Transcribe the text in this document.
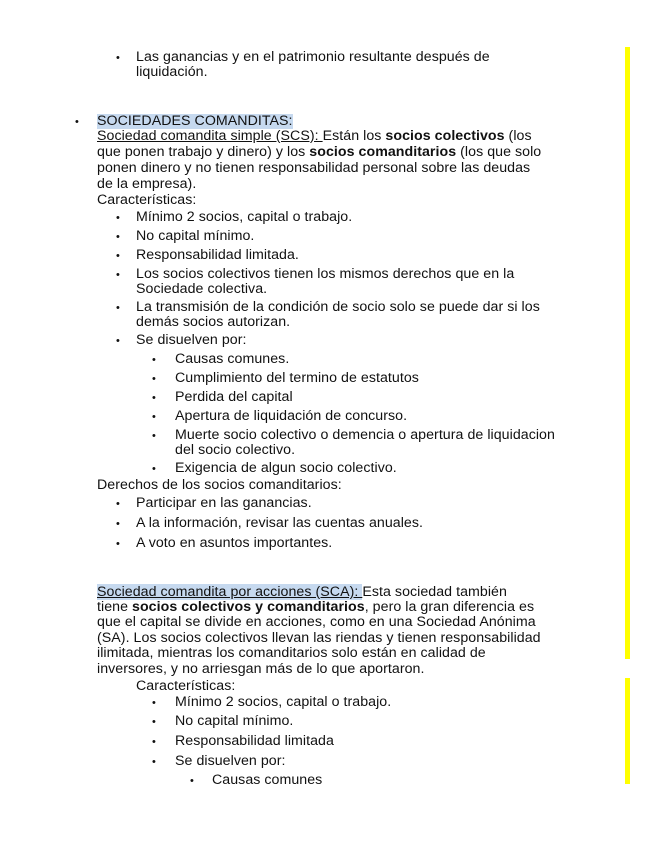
• Las ganancias y en el patrimonio resultante después de
liquidación.
• SOCIEDADES COMANDITAS:
Sociedad comandita simple (SCS): Están los socios colectivos (los
que ponen trabajo y dinero) y los socios comanditarios (los que solo
ponen dinero y no tienen responsabilidad personal sobre las deudas
de la empresa).
Características:
• Mínimo 2 socios, capital o trabajo.
• No capital mínimo.
• Responsabilidad limitada.
• Los socios colectivos tienen los mismos derechos que en la
Sociedade colectiva.
• La transmisión de la condición de socio solo se puede dar si los
demás socios autorizan.
• Se disuelven por:
• Causas comunes.
• Cumplimiento del termino de estatutos
• Perdida del capital
• Apertura de liquidación de concurso.
• Muerte socio colectivo o demencia o apertura de liquidacion
del socio colectivo.
• Exigencia de algun socio colectivo.
Derechos de los socios comanditarios:
• Participar en las ganancias.
• A la información, revisar las cuentas anuales.
• A voto en asuntos importantes.
Sociedad comandita por acciones (SCA): Esta sociedad también
tiene socios colectivos y comanditarios, pero la gran diferencia es
que el capital se divide en acciones, como en una Sociedad Anónima
(SA). Los socios colectivos llevan las riendas y tienen responsabilidad
ilimitada, mientras los comanditarios solo están en calidad de
inversores, y no arriesgan más de lo que aportaron.
Características:
• Mínimo 2 socios, capital o trabajo.
• No capital mínimo.
• Responsabilidad limitada
• Se disuelven por:
• Causas comunes
